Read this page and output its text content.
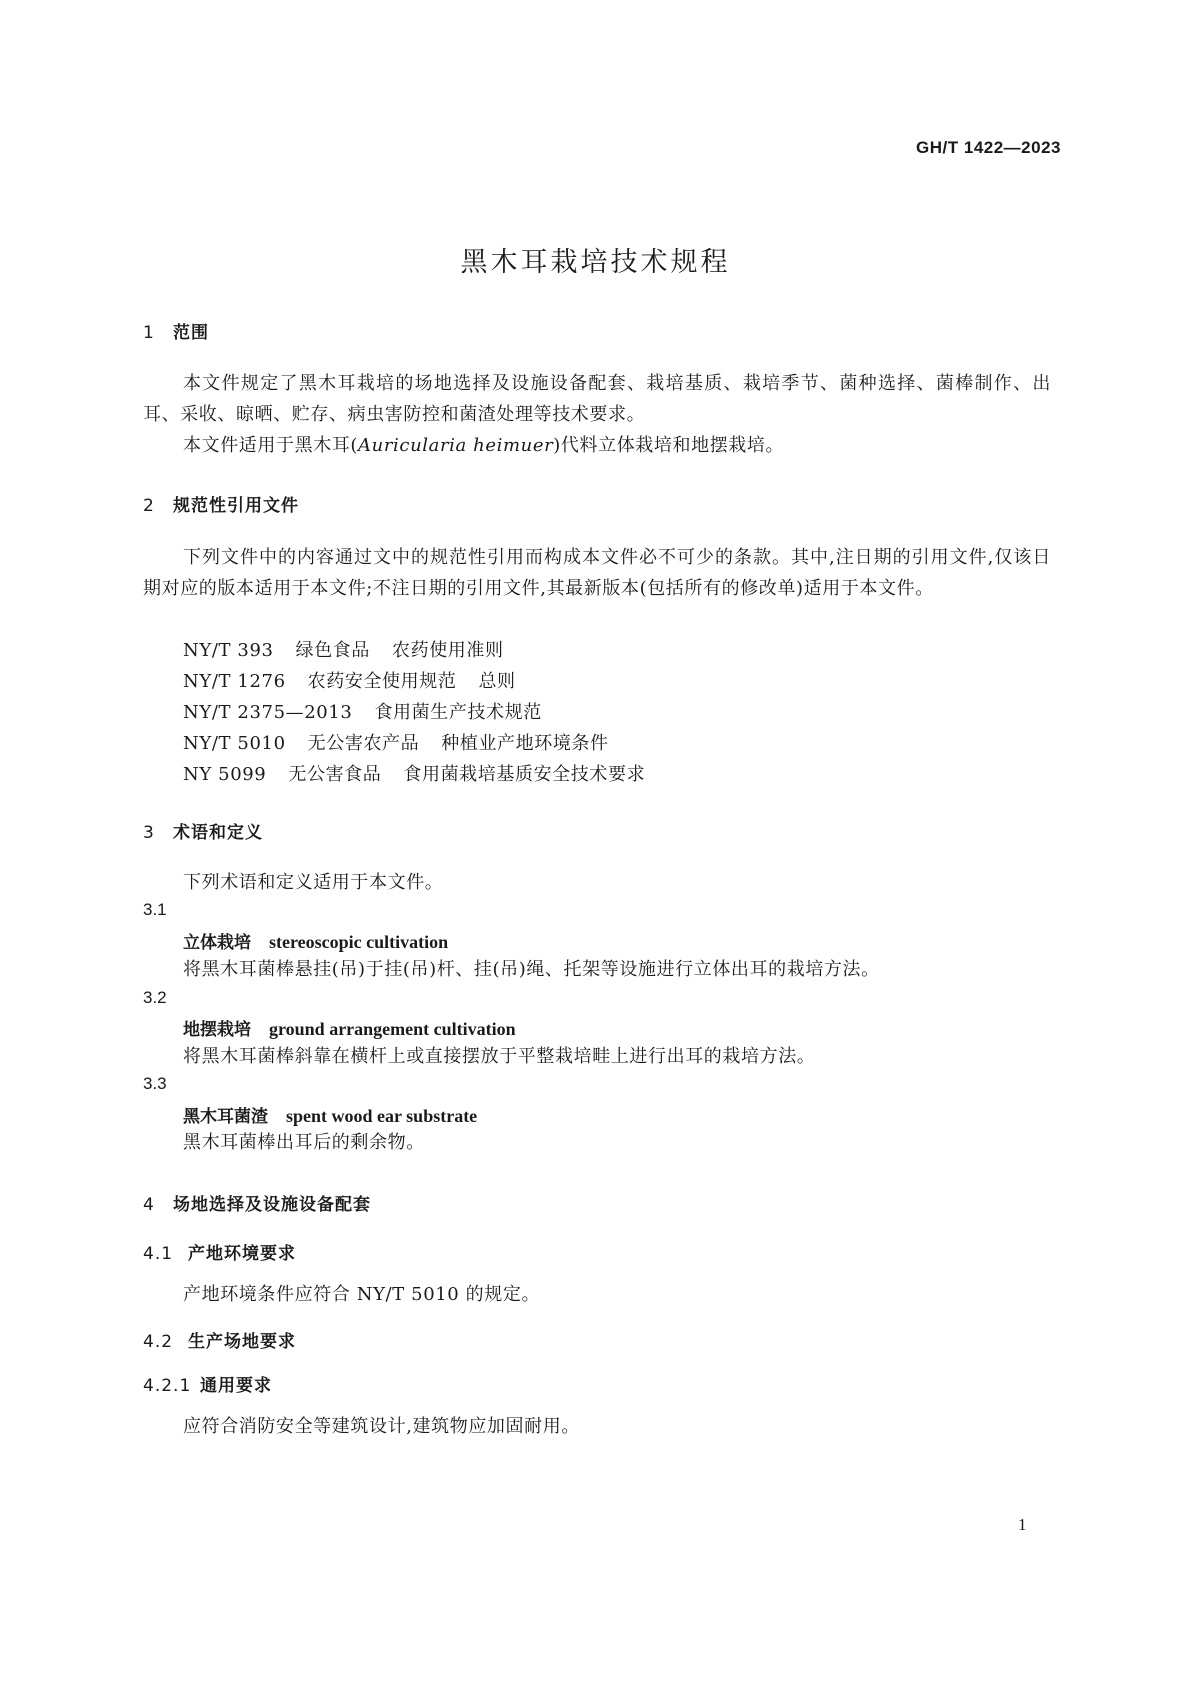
GH/T 1422—2023
黑木耳栽培技术规程
1 范围
本文件规定了黑木耳栽培的场地选择及设施设备配套、栽培基质、栽培季节、菌种选择、菌棒制作、出耳、采收、晾晒、贮存、病虫害防控和菌渣处理等技术要求。
本文件适用于黑木耳(Auricularia heimuer)代料立体栽培和地摆栽培。
2 规范性引用文件
下列文件中的内容通过文中的规范性引用而构成本文件必不可少的条款。其中,注日期的引用文件,仅该日期对应的版本适用于本文件;不注日期的引用文件,其最新版本(包括所有的修改单)适用于本文件。
NY/T 393 绿色食品 农药使用准则
NY/T 1276 农药安全使用规范 总则
NY/T 2375—2013 食用菌生产技术规范
NY/T 5010 无公害农产品 种植业产地环境条件
NY 5099 无公害食品 食用菌栽培基质安全技术要求
3 术语和定义
下列术语和定义适用于本文件。
3.1
立体栽培 stereoscopic cultivation
将黑木耳菌棒悬挂(吊)于挂(吊)杆、挂(吊)绳、托架等设施进行立体出耳的栽培方法。
3.2
地摆栽培 ground arrangement cultivation
将黑木耳菌棒斜靠在横杆上或直接摆放于平整栽培畦上进行出耳的栽培方法。
3.3
黑木耳菌渣 spent wood ear substrate
黑木耳菌棒出耳后的剩余物。
4 场地选择及设施设备配套
4.1 产地环境要求
产地环境条件应符合 NY/T 5010 的规定。
4.2 生产场地要求
4.2.1 通用要求
应符合消防安全等建筑设计,建筑物应加固耐用。
1
